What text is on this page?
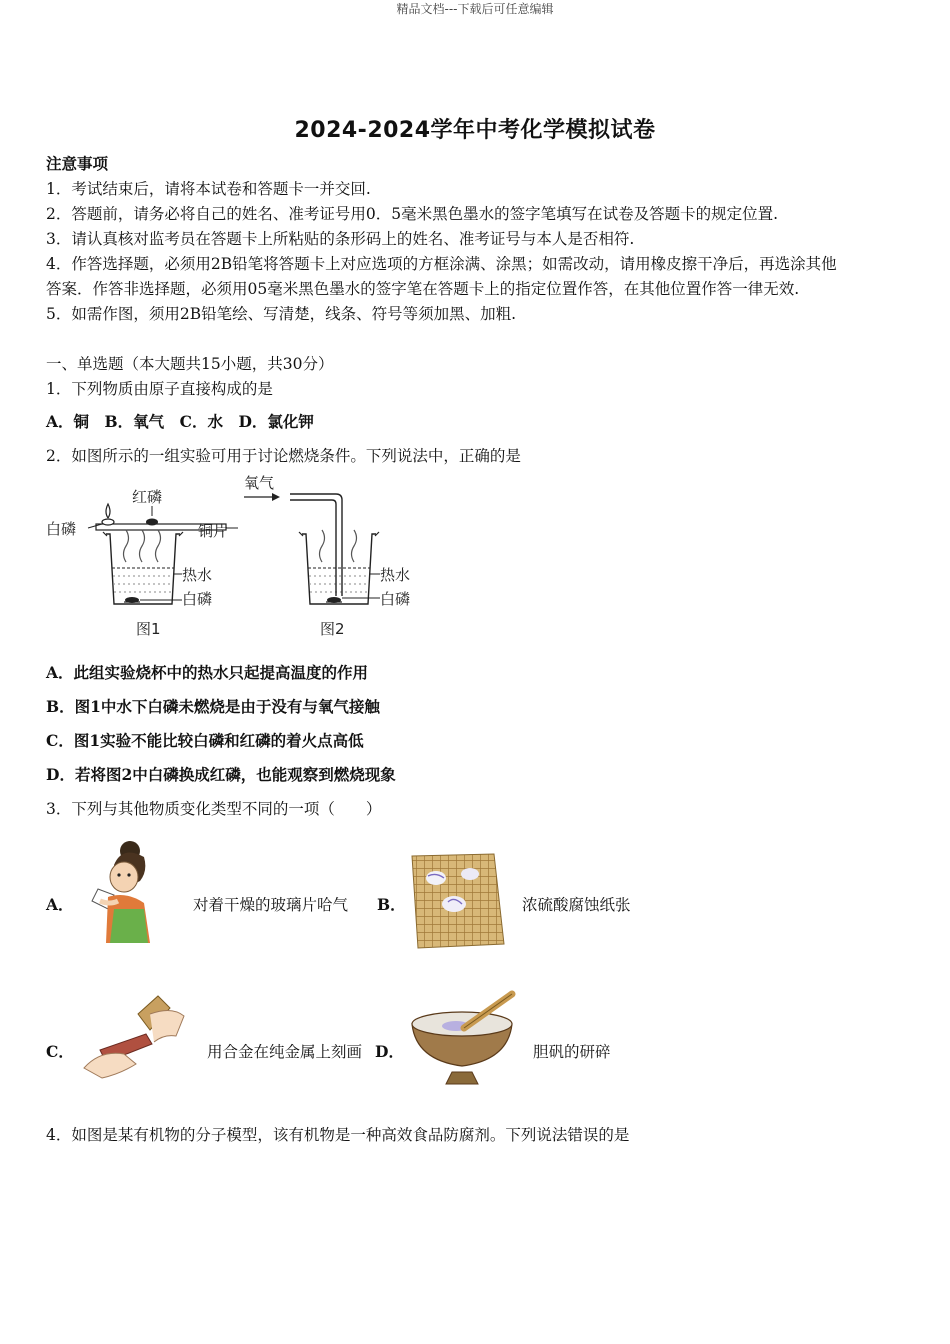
精品文档---下载后可任意编辑
2024-2024学年中考化学模拟试卷
注意事项
1．考试结束后，请将本试卷和答题卡一并交回.
2．答题前，请务必将自己的姓名、准考证号用0．5毫米黑色墨水的签字笔填写在试卷及答题卡的规定位置.
3．请认真核对监考员在答题卡上所粘贴的条形码上的姓名、准考证号与本人是否相符.
4．作答选择题，必须用2B铅笔将答题卡上对应选项的方框涂满、涂黑；如需改动，请用橡皮擦干净后，再选涂其他
答案．作答非选择题，必须用05毫米黑色墨水的签字笔在答题卡上的指定位置作答，在其他位置作答一律无效.
5．如需作图，须用2B铅笔绘、写清楚，线条、符号等须加黑、加粗.
一、单选题（本大题共15小题，共30分）
1．下列物质由原子直接构成的是
A．铜　B．氧气　C．水　D．氯化钾
2．如图所示的一组实验可用于讨论燃烧条件。下列说法中，正确的是
红磷
白磷	铜片
热水
白磷
图1
氧气
热水
白磷
图2
A．此组实验烧杯中的热水只起提高温度的作用
B．图1中水下白磷未燃烧是由于没有与氧气接触
C．图1实验不能比较白磷和红磷的着火点高低
D．若将图2中白磷换成红磷，也能观察到燃烧现象
3．下列与其他物质变化类型不同的一项（　　）
A．	对着干燥的玻璃片哈气 B．	浓硫酸腐蚀纸张
C．	用合金在纯金属上刻画 D．	胆矾的研碎
4．如图是某有机物的分子模型，该有机物是一种高效食品防腐剂。下列说法错误的是
